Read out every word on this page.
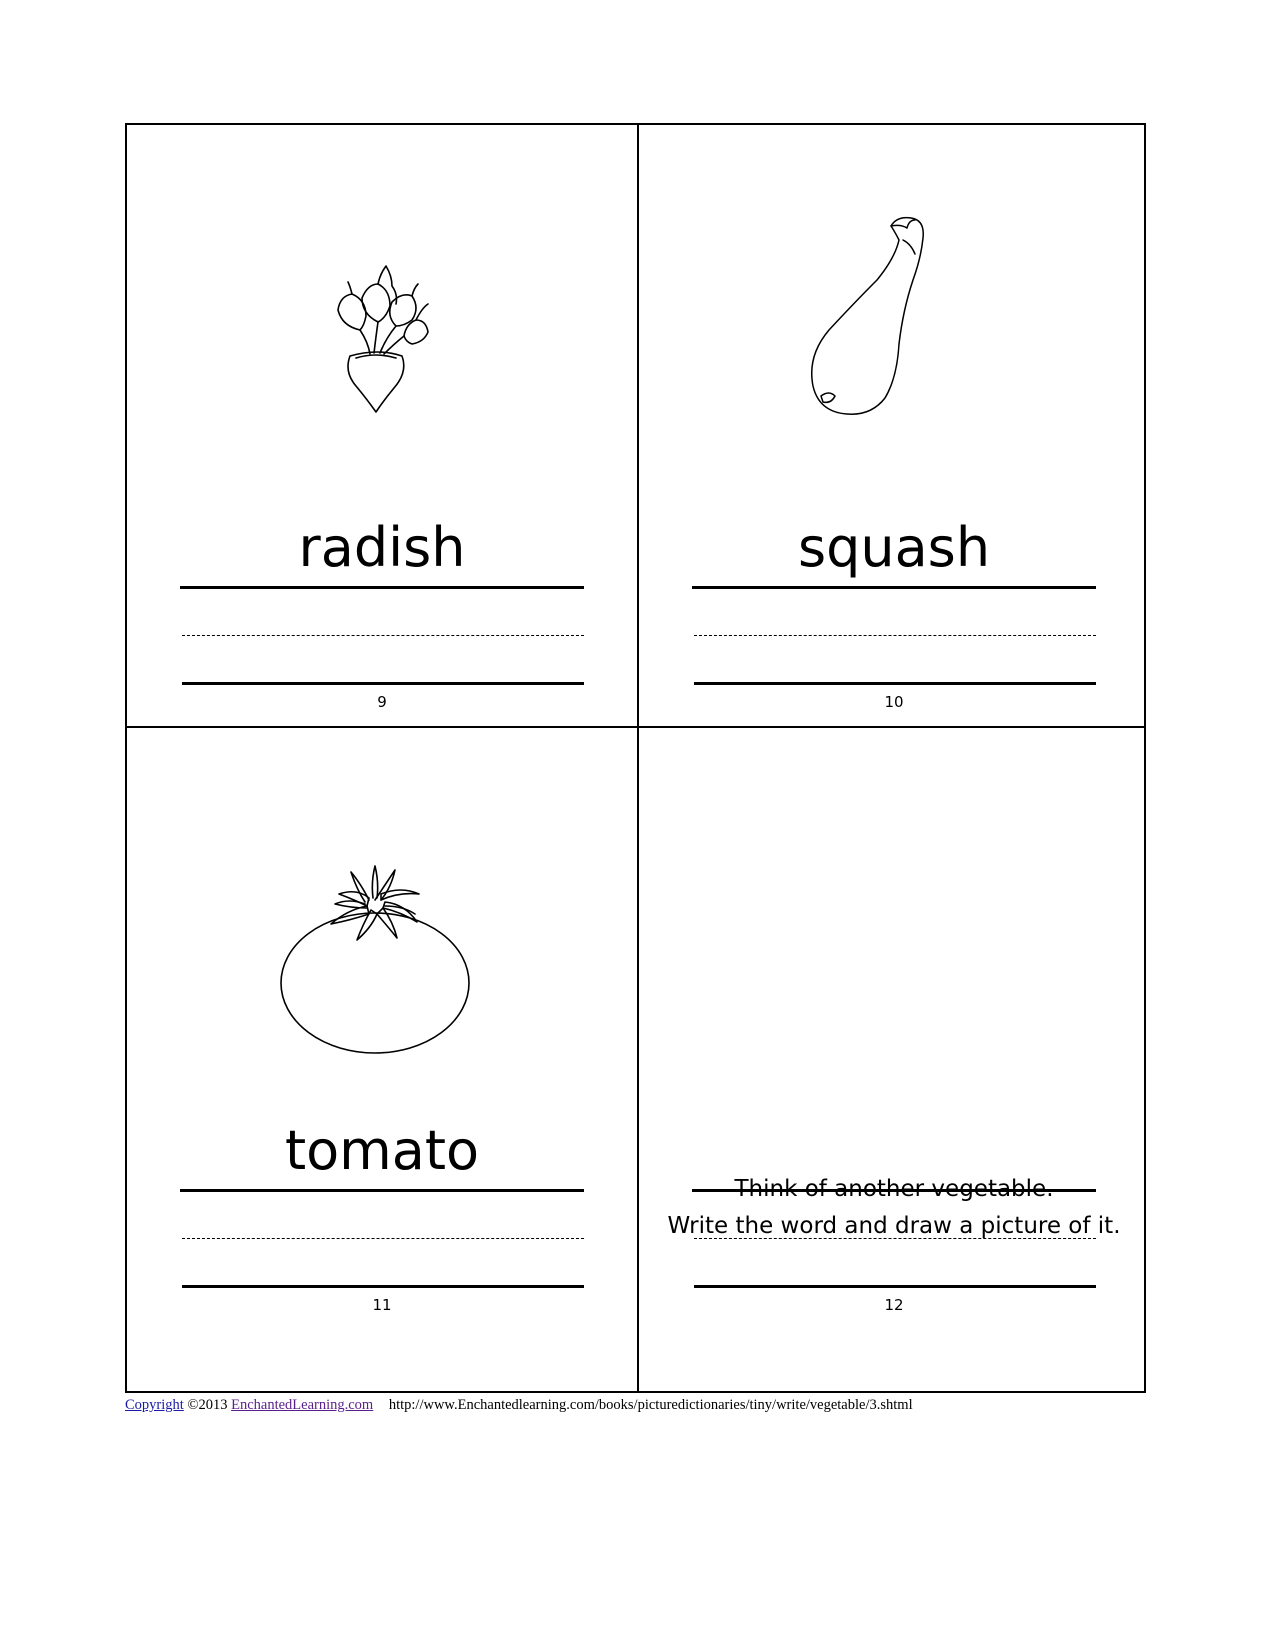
radish
9
squash
10
tomato
11
Think of another vegetable.
Write the word and draw a picture of it.
12
Copyright ©2013 EnchantedLearning.com http://www.Enchantedlearning.com/books/picturedictionaries/tiny/write/vegetable/3.shtml
